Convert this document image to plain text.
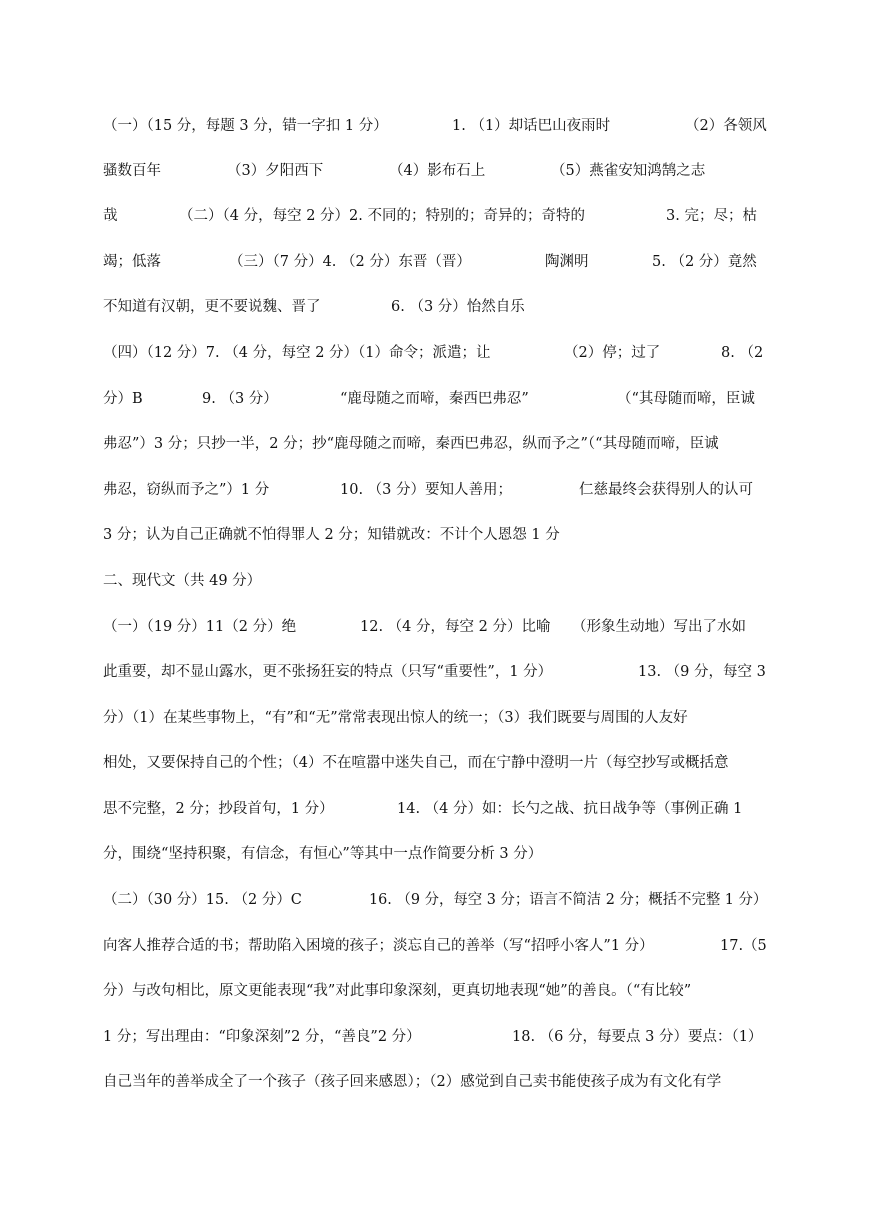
（一）（15 分，每题 3 分，错一字扣 1 分）	1. （1）却话巴山夜雨时	（2）各领风
骚数百年	（3）夕阳西下	（4）影布石上	（5）燕雀安知鸿鹄之志
哉	（二）（4 分，每空 2 分）2. 不同的；特别的；奇异的；奇特的	3. 完；尽；枯
竭；低落	（三）（7 分）4. （2 分）东晋（晋）	陶渊明	5. （2 分）竟然
不知道有汉朝，更不要说魏、晋了	6. （3 分）怡然自乐
（四）（12 分）7. （4 分，每空 2 分）（1）命令；派遣；让	（2）停；过了	8. （2
分）B	9. （3 分）	“鹿母随之而啼，秦西巴弗忍”	（“其母随而啼，臣诚
弗忍”）3 分；只抄一半，2 分；抄“鹿母随之而啼，秦西巴弗忍，纵而予之”（“其母随而啼，臣诚
弗忍，窃纵而予之”）1 分	10. （3 分）要知人善用；	仁慈最终会获得别人的认可
3 分；认为自己正确就不怕得罪人 2 分；知错就改：不计个人恩怨 1 分
二、现代文（共 49 分）
（一）（19 分）11（2 分）绝	12. （4 分，每空 2 分）比喻 （形象生动地）写出了水如
此重要，却不显山露水，更不张扬狂妄的特点（只写“重要性”，1 分）	13. （9 分，每空 3
分）（1）在某些事物上，“有”和“无”常常表现出惊人的统一；（3）我们既要与周围的人友好
相处，又要保持自己的个性；（4）不在喧嚣中迷失自己，而在宁静中澄明一片（每空抄写或概括意
思不完整，2 分；抄段首句，1 分）	14. （4 分）如：长勺之战、抗日战争等（事例正确 1
分，围绕“坚持积聚，有信念，有恒心”等其中一点作简要分析 3 分）
（二）（30 分）15. （2 分）C	16. （9 分，每空 3 分；语言不简洁 2 分；概括不完整 1 分）
向客人推荐合适的书；帮助陷入困境的孩子；淡忘自己的善举（写“招呼小客人”1 分）	17.（5
分）与改句相比，原文更能表现“我”对此事印象深刻，更真切地表现“她”的善良。（“有比较”
1 分；写出理由：“印象深刻”2 分，“善良”2 分）	18. （6 分，每要点 3 分）要点：（1）
自己当年的善举成全了一个孩子（孩子回来感恩）；（2）感觉到自己卖书能使孩子成为有文化有学
